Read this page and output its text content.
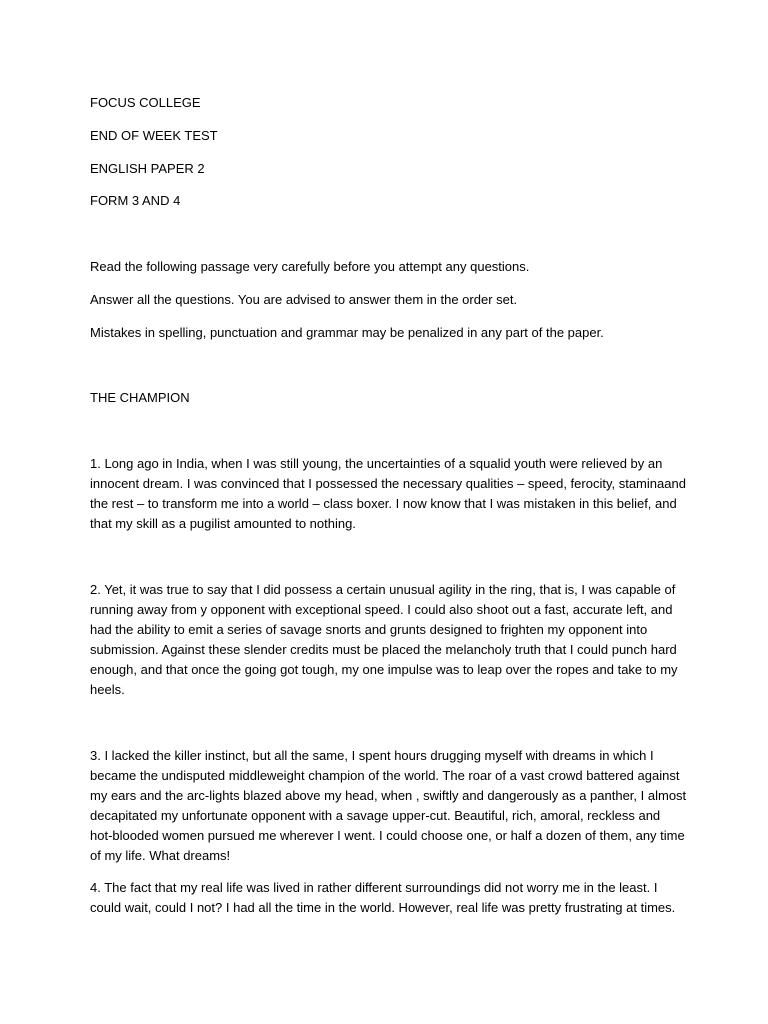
FOCUS COLLEGE
END OF WEEK TEST
ENGLISH PAPER 2
FORM 3 AND 4
Read the following passage very carefully before you attempt any questions.
Answer all the questions. You are advised to answer them in the order set.
Mistakes in spelling, punctuation and grammar may be penalized in any part of the paper.
THE CHAMPION
1. Long ago in India, when I was still young, the uncertainties of a squalid youth were relieved by an
innocent dream. I was convinced that I possessed the necessary qualities – speed, ferocity, staminaand
the rest – to transform me into a world – class boxer. I now know that I was mistaken in this belief, and
that my skill as a pugilist amounted to nothing.
2. Yet, it was true to say that I did possess a certain unusual agility in the ring, that is, I was capable of
running away from y opponent with exceptional speed. I could also shoot out a fast, accurate left, and
had the ability to emit a series of savage snorts and grunts designed to frighten my opponent into
submission. Against these slender credits must be placed the melancholy truth that I could punch hard
enough, and that once the going got tough, my one impulse was to leap over the ropes and take to my
heels.
3. I lacked the killer instinct, but all the same, I spent hours drugging myself with dreams in which I
became the undisputed middleweight champion of the world. The roar of a vast crowd battered against
my ears and the arc-lights blazed above my head, when , swiftly and dangerously as a panther, I almost
decapitated my unfortunate opponent with a savage upper-cut. Beautiful, rich, amoral, reckless and
hot-blooded women pursued me wherever I went. I could choose one, or half a dozen of them, any time
of my life. What dreams!
4. The fact that my real life was lived in rather different surroundings did not worry me in the least. I
could wait, could I not? I had all the time in the world. However, real life was pretty frustrating at times.
